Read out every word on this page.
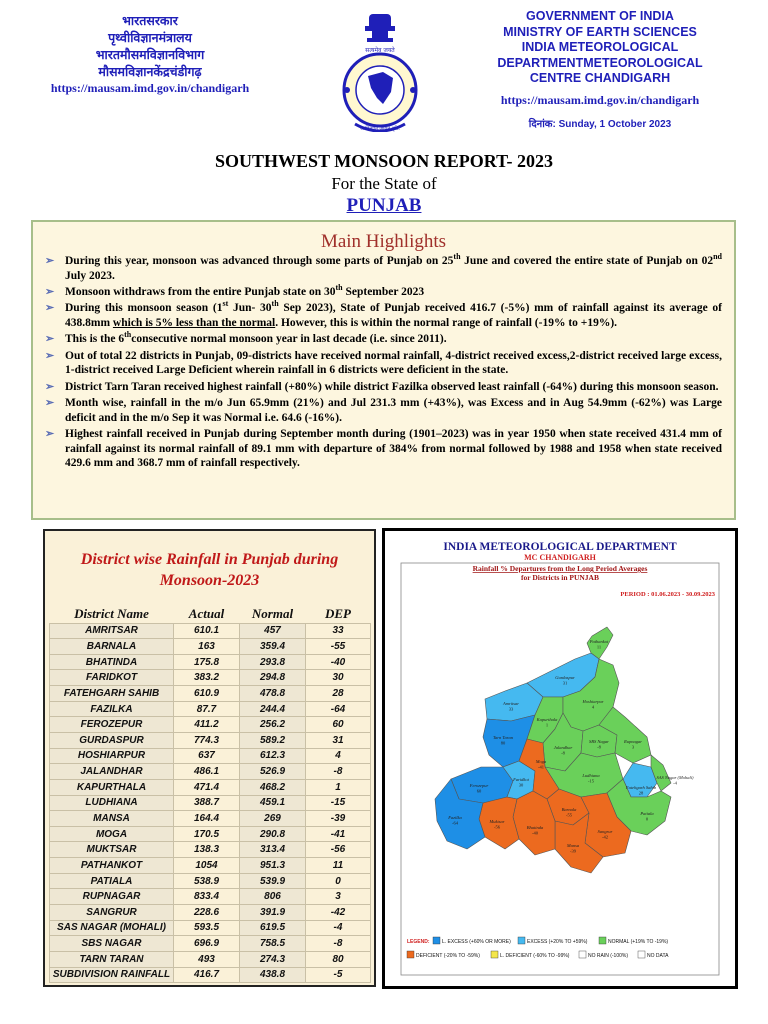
भारतसरकार
पृथ्वीविज्ञानमंत्रालय
भारतमौसमविज्ञानविभाग
मौसमविज्ञानकेंद्रचंडीगढ़
https://mausam.imd.gov.in/chandigarh
सत्यमेव जयते
आदित्यात् जायते वृष्टिः
GOVERNMENT OF INDIA
MINISTRY OF EARTH SCIENCES
INDIA METEOROLOGICAL
DEPARTMENTMETEOROLOGICAL
CENTRE CHANDIGARH
https://mausam.imd.gov.in/chandigarh
दिनांक: Sunday, 1 October 2023
SOUTHWEST MONSOON REPORT- 2023
For the State of
PUNJAB
Main Highlights
➢ During this year, monsoon was advanced through some parts of Punjab on 25th June and covered the entire state of Punjab on 02nd July 2023.
➢ Monsoon withdraws from the entire Punjab state on 30th September 2023
➢ During this monsoon season (1st Jun- 30th Sep 2023), State of Punjab received 416.7 (-5%) mm of rainfall against its average of 438.8mm which is 5% less than the normal. However, this is within the normal range of rainfall (-19% to +19%).
➢ This is the 6thconsecutive normal monsoon year in last decade (i.e. since 2011).
➢ Out of total 22 districts in Punjab, 09-districts have received normal rainfall, 4-district received excess,2-district received large excess, 1-district received Large Deficient wherein rainfall in 6 districts were deficient in the state.
➢ District Tarn Taran received highest rainfall (+80%) while district Fazilka observed least rainfall (-64%) during this monsoon season.
➢ Month wise, rainfall in the m/o Jun 65.9mm (21%) and Jul 231.3 mm (+43%), was Excess and in Aug 54.9mm (-62%) was Large deficit and in the m/o Sep it was Normal i.e. 64.6 (-16%).
➢ Highest rainfall received in Punjab during September month during (1901–2023) was in year 1950 when state received 431.4 mm of rainfall against its normal rainfall of 89.1 mm with departure of 384% from normal followed by 1988 and 1958 when state received 429.6 mm and 368.7 mm of rainfall respectively.
District wise Rainfall in Punjab during
Monsoon-2023
District Name	Actual	Normal	DEP
AMRITSAR	610.1	457	33
BARNALA	163	359.4	-55
BHATINDA	175.8	293.8	-40
FARIDKOT	383.2	294.8	30
FATEHGARH SAHIB	610.9	478.8	28
FAZILKA	87.7	244.4	-64
FEROZEPUR	411.2	256.2	60
GURDASPUR	774.3	589.2	31
HOSHIARPUR	637	612.3	4
JALANDHAR	486.1	526.9	-8
KAPURTHALA	471.4	468.2	1
LUDHIANA	388.7	459.1	-15
MANSA	164.4	269	-39
MOGA	170.5	290.8	-41
MUKTSAR	138.3	313.4	-56
PATHANKOT	1054	951.3	11
PATIALA	538.9	539.9	0
RUPNAGAR	833.4	806	3
SANGRUR	228.6	391.9	-42
SAS NAGAR (MOHALI)	593.5	619.5	-4
SBS NAGAR	696.9	758.5	-8
TARN TARAN	493	274.3	80
SUBDIVISION RAINFALL	416.7	438.8	-5
INDIA METEOROLOGICAL DEPARTMENT
MC CHANDIGARH
Rainfall % Departures from the Long Period Averages
for Districts in PUNJAB
PERIOD : 01.06.2023 - 30.09.2023
Pathankot
11
Gurdaspur
31
Amritsar
33
Tarn Taran
80
Kapurthala
1
Hoshiarpur
4
Jalandhar
-8
SBS Nagar
-8
Rupnagar
3
Ludhiana
-15
Fatehgarh Sahib
28
SAS Nagar (Mohali)
-4
Patiala
0
Ferozepur
60
Faridkot
30
Moga
-41
Barnala
-55
Sangrur
-42
Mansa
-39
Bhatinda
-40
Muktsar
-56
Fazilka
-64
LEGEND:	L. EXCESS (+60% OR MORE)	EXCESS (+20% TO +59%)	NORMAL (+19% TO -19%)
DEFICIENT (-20% TO -59%)	L. DEFICIENT (-60% TO -99%)	NO RAIN (-100%)	NO DATA
